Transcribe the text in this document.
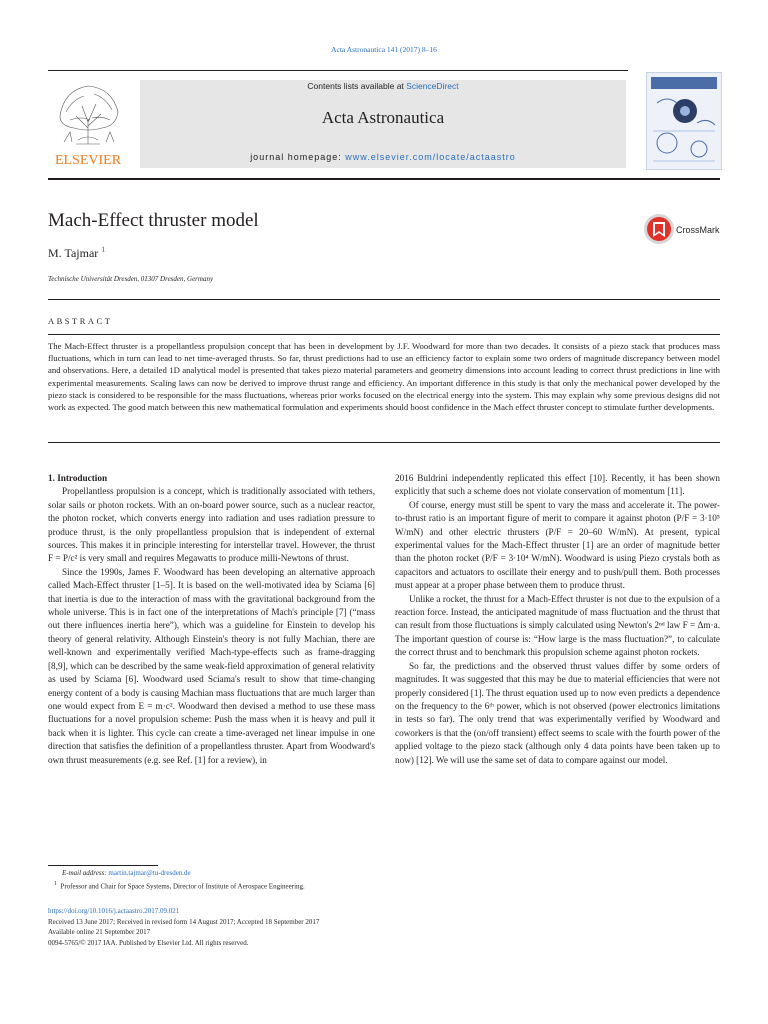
Acta Astronautica 141 (2017) 8–16
ELSEVIER
Contents lists available at ScienceDirect
Acta Astronautica
journal homepage: www.elsevier.com/locate/actaastro
Mach-Effect thruster model	CrossMark
M. Tajmar $^1$
Technische Universität Dresden, 01307 Dresden, Germany
ABSTRACT
The Mach-Effect thruster is a propellantless propulsion concept that has been in development by J.F. Woodward for more than two decades. It consists of a piezo stack that produces mass fluctuations, which in turn can lead to net time-averaged thrusts. So far, thrust predictions had to use an efficiency factor to explain some two orders of magnitude discrepancy between model and observations. Here, a detailed 1D analytical model is presented that takes piezo material parameters and geometry dimensions into account leading to correct thrust predictions in line with experimental measurements. Scaling laws can now be derived to improve thrust range and efficiency. An important difference in this study is that only the mechanical power developed by the piezo stack is considered to be responsible for the mass fluctuations, whereas prior works focused on the electrical energy into the system. This may explain why some previous designs did not work as expected. The good match between this new mathematical formulation and experiments should boost confidence in the Mach effect thruster concept to stimulate further developments.

1. Introduction

Propellantless propulsion is a concept, which is traditionally associated with tethers, solar sails or photon rockets. With an on-board power source, such as a nuclear reactor, the photon rocket, which converts energy into radiation and uses radiation pressure to produce thrust, is the only propellantless propulsion that is independent of external sources. This makes it in principle interesting for interstellar travel. However, the thrust F = P/c² is very small and requires Megawatts to produce milli-Newtons of thrust.

Since the 1990s, James F. Woodward has been developing an alternative approach called Mach-Effect thruster [1–5]. It is based on the well-motivated idea by Sciama [6] that inertia is due to the interaction of mass with the gravitational background from the whole universe. This is in fact one of the interpretations of Mach's principle [7] (“mass out there influences inertia here”), which was a guideline for Einstein to develop his theory of general relativity. Although Einstein's theory is not fully Machian, there are well-known and experimentally verified Mach-type-effects such as frame-dragging [8,9], which can be described by the same weak-field approximation of general relativity as used by Sciama [6]. Woodward used Sciama's result to show that time-changing energy content of a body is causing Machian mass fluctuations that are much larger than one would expect from E = m·c². Woodward then devised a method to use these mass fluctuations for a novel propulsion scheme: Push the mass when it is heavy and pull it back when it is lighter. This cycle can create a time-averaged net linear impulse in one direction that satisfies the definition of a propellantless thruster. Apart from Woodward's own thrust measurements (e.g. see Ref. [1] for a review), in

2016 Buldrini independently replicated this effect [10]. Recently, it has been shown explicitly that such a scheme does not violate conservation of momentum [11].

Of course, energy must still be spent to vary the mass and accelerate it. The power-to-thrust ratio is an important figure of merit to compare it against photon (P/F = 3·10⁵ W/mN) and other electric thrusters (P/F = 20–60 W/mN). At present, typical experimental values for the Mach-Effect thruster [1] are an order of magnitude better than the photon rocket (P/F = 3·10⁴ W/mN). Woodward is using Piezo crystals both as capacitors and actuators to oscillate their energy and to push/pull them. Both processes must appear at a proper phase between them to produce thrust.

Unlike a rocket, the thrust for a Mach-Effect thruster is not due to the expulsion of a reaction force. Instead, the anticipated magnitude of mass fluctuation and the thrust that can result from those fluctuations is simply calculated using Newton's 2ⁿᵈ law F = Δm·a. The important question of course is: “How large is the mass fluctuation?”, to calculate the correct thrust and to benchmark this propulsion scheme against photon rockets.

So far, the predictions and the observed thrust values differ by some orders of magnitudes. It was suggested that this may be due to material efficiencies that were not properly considered [1]. The thrust equation used up to now even predicts a dependence on the frequency to the 6ᵗʰ power, which is not observed (power electronics limitations in tests so far). The only trend that was experimentally verified by Woodward and coworkers is that the (on/off transient) effect seems to scale with the fourth power of the applied voltage to the piezo stack (although only 4 data points have been taken up to now) [12]. We will use the same set of data to compare against our model.

E-mail address: martin.tajmar@tu-dresden.de
$^1$ Professor and Chair for Space Systems, Director of Institute of Aerospace Engineering.
https://doi.org/10.1016/j.actaastro.2017.09.021
Received 13 June 2017; Received in revised form 14 August 2017; Accepted 18 September 2017
Available online 21 September 2017
0094-5765/© 2017 IAA. Published by Elsevier Ltd. All rights reserved.
